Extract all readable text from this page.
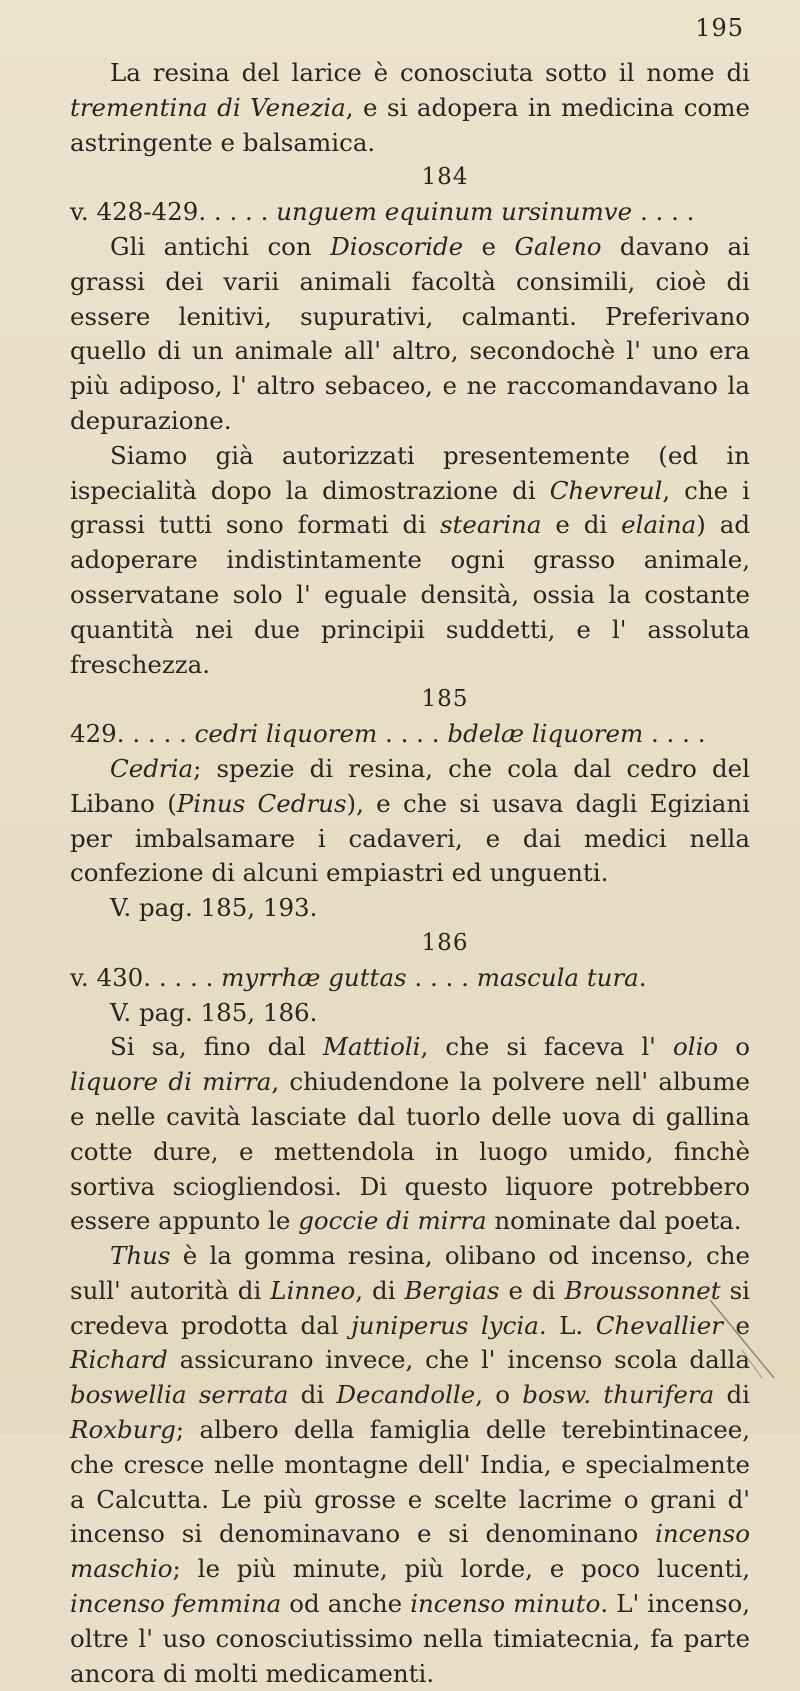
195

La resina del larice è conosciuta sotto il nome di trementina di Venezia, e si adopera in medicina come astringente e balsamica.

184

v. 428-429. . . . . unguem equinum ursinumve . . . .

Gli antichi con Dioscoride e Galeno davano ai grassi dei varii animali facoltà consimili, cioè di essere lenitivi, supurativi, calmanti. Preferivano quello di un animale all' altro, secondochè l' uno era più adiposo, l' altro sebaceo, e ne raccomandavano la depurazione.

Siamo già autorizzati presentemente (ed in ispecialità dopo la dimostrazione di Chevreul, che i grassi tutti sono formati di stearina e di elaina) ad adoperare indistintamente ogni grasso animale, osservatane solo l' eguale densità, ossia la costante quantità nei due principii suddetti, e l' assoluta freschezza.

185

429. . . . . cedri liquorem . . . . bdelæ liquorem . . . .

Cedria; spezie di resina, che cola dal cedro del Libano (Pinus Cedrus), e che si usava dagli Egiziani per imbalsamare i cadaveri, e dai medici nella confezione di alcuni empiastri ed unguenti.

V. pag. 185, 193.

186

v. 430. . . . . myrrhæ guttas . . . . mascula tura.

V. pag. 185, 186.

Si sa, fino dal Mattioli, che si faceva l' olio o liquore di mirra, chiudendone la polvere nell' albume e nelle cavità lasciate dal tuorlo delle uova di gallina cotte dure, e mettendola in luogo umido, finchè sortiva sciogliendosi. Di questo liquore potrebbero essere appunto le goccie di mirra nominate dal poeta.

Thus è la gomma resina, olibano od incenso, che sull' autorità di Linneo, di Bergias e di Broussonnet si credeva prodotta dal juniperus lycia. L. Chevallier e Richard assicurano invece, che l' incenso scola dalla boswellia serrata di Decandolle, o bosw. thurifera di Roxburg; albero della famiglia delle terebintinacee, che cresce nelle montagne dell' India, e specialmente a Calcutta. Le più grosse e scelte lacrime o grani d' incenso si denominavano e si denominano incenso maschio; le più minute, più lorde, e poco lucenti, incenso femmina od anche incenso minuto. L' incenso, oltre l' uso conosciutissimo nella timiatecnia, fa parte ancora di molti medicamenti.
